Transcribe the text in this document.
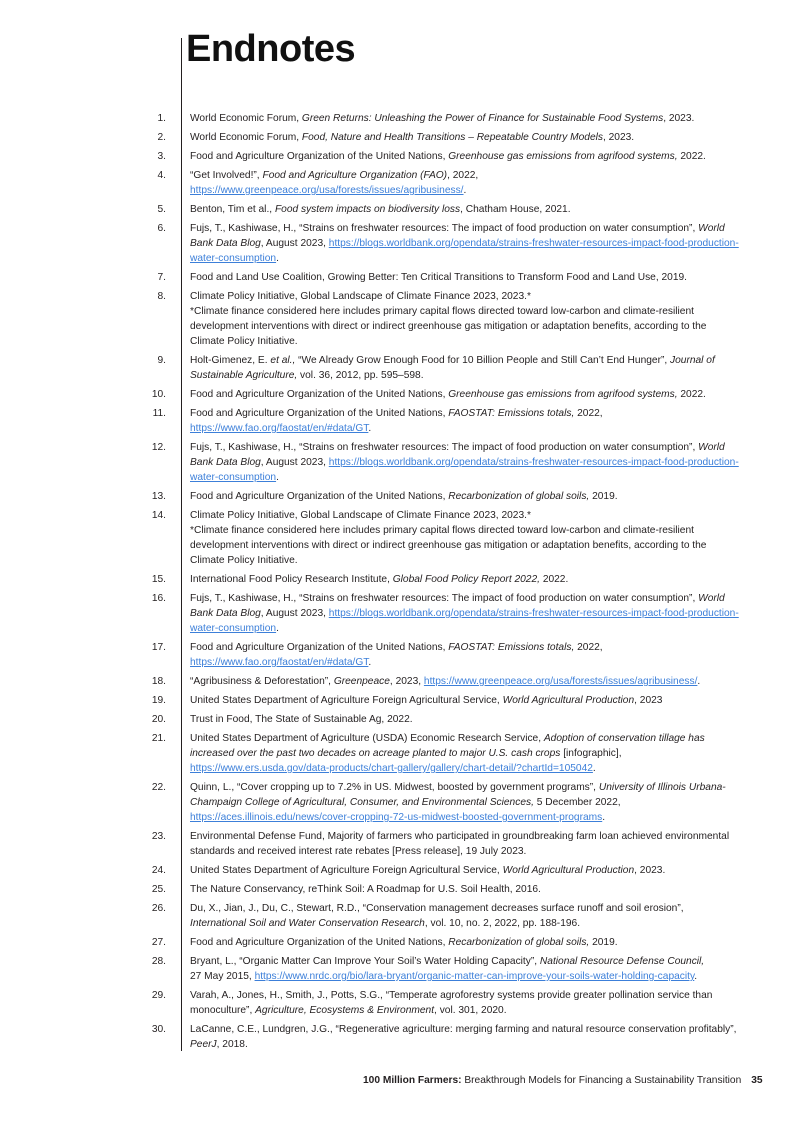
Endnotes
1. World Economic Forum, Green Returns: Unleashing the Power of Finance for Sustainable Food Systems, 2023.
2. World Economic Forum, Food, Nature and Health Transitions – Repeatable Country Models, 2023.
3. Food and Agriculture Organization of the United Nations, Greenhouse gas emissions from agrifood systems, 2022.
4. “Get Involved!”, Food and Agriculture Organization (FAO), 2022, https://www.greenpeace.org/usa/forests/issues/agribusiness/.
5. Benton, Tim et al., Food system impacts on biodiversity loss, Chatham House, 2021.
6. Fujs, T., Kashiwase, H., “Strains on freshwater resources: The impact of food production on water consumption”, World Bank Data Blog, August 2023, https://blogs.worldbank.org/opendata/strains-freshwater-resources-impact-food-production-water-consumption.
7. Food and Land Use Coalition, Growing Better: Ten Critical Transitions to Transform Food and Land Use, 2019.
8. Climate Policy Initiative, Global Landscape of Climate Finance 2023, 2023.*
*Climate finance considered here includes primary capital flows directed toward low-carbon and climate-resilient development interventions with direct or indirect greenhouse gas mitigation or adaptation benefits, according to the Climate Policy Initiative.
9. Holt-Gimenez, E. et al., “We Already Grow Enough Food for 10 Billion People and Still Can’t End Hunger”, Journal of Sustainable Agriculture, vol. 36, 2012, pp. 595–598.
10. Food and Agriculture Organization of the United Nations, Greenhouse gas emissions from agrifood systems, 2022.
11. Food and Agriculture Organization of the United Nations, FAOSTAT: Emissions totals, 2022,
https://www.fao.org/faostat/en/#data/GT.
12. Fujs, T., Kashiwase, H., “Strains on freshwater resources: The impact of food production on water consumption”, World Bank Data Blog, August 2023, https://blogs.worldbank.org/opendata/strains-freshwater-resources-impact-food-production-water-consumption.
13. Food and Agriculture Organization of the United Nations, Recarbonization of global soils, 2019.
14. Climate Policy Initiative, Global Landscape of Climate Finance 2023, 2023.*
*Climate finance considered here includes primary capital flows directed toward low-carbon and climate-resilient development interventions with direct or indirect greenhouse gas mitigation or adaptation benefits, according to the Climate Policy Initiative.
15. International Food Policy Research Institute, Global Food Policy Report 2022, 2022.
16. Fujs, T., Kashiwase, H., “Strains on freshwater resources: The impact of food production on water consumption”, World Bank Data Blog, August 2023, https://blogs.worldbank.org/opendata/strains-freshwater-resources-impact-food-production-water-consumption.
17. Food and Agriculture Organization of the United Nations, FAOSTAT: Emissions totals, 2022, https://www.fao.org/faostat/en/#data/GT.
18. “Agribusiness & Deforestation”, Greenpeace, 2023, https://www.greenpeace.org/usa/forests/issues/agribusiness/.
19. United States Department of Agriculture Foreign Agricultural Service, World Agricultural Production, 2023
20. Trust in Food, The State of Sustainable Ag, 2022.
21. United States Department of Agriculture (USDA) Economic Research Service, Adoption of conservation tillage has increased over the past two decades on acreage planted to major U.S. cash crops [infographic], https://www.ers.usda.gov/data-products/chart-gallery/gallery/chart-detail/?chartId=105042.
22. Quinn, L., “Cover cropping up to 7.2% in US. Midwest, boosted by government programs”, University of Illinois Urbana-Champaign College of Agricultural, Consumer, and Environmental Sciences, 5 December 2022, https://aces.illinois.edu/news/cover-cropping-72-us-midwest-boosted-government-programs.
23. Environmental Defense Fund, Majority of farmers who participated in groundbreaking farm loan achieved environmental standards and received interest rate rebates [Press release], 19 July 2023.
24. United States Department of Agriculture Foreign Agricultural Service, World Agricultural Production, 2023.
25. The Nature Conservancy, reThink Soil: A Roadmap for U.S. Soil Health, 2016.
26. Du, X., Jian, J., Du, C., Stewart, R.D., “Conservation management decreases surface runoff and soil erosion”, International Soil and Water Conservation Research, vol. 10, no. 2, 2022, pp. 188-196.
27. Food and Agriculture Organization of the United Nations, Recarbonization of global soils, 2019.
28. Bryant, L., “Organic Matter Can Improve Your Soil’s Water Holding Capacity”, National Resource Defense Council,
27 May 2015, https://www.nrdc.org/bio/lara-bryant/organic-matter-can-improve-your-soils-water-holding-capacity.
29. Varah, A., Jones, H., Smith, J., Potts, S.G., “Temperate agroforestry systems provide greater pollination service than monoculture”, Agriculture, Ecosystems & Environment, vol. 301, 2020.
30. LaCanne, C.E., Lundgren, J.G., “Regenerative agriculture: merging farming and natural resource conservation profitably”, PeerJ, 2018.
100 Million Farmers: Breakthrough Models for Financing a Sustainability Transition 35
